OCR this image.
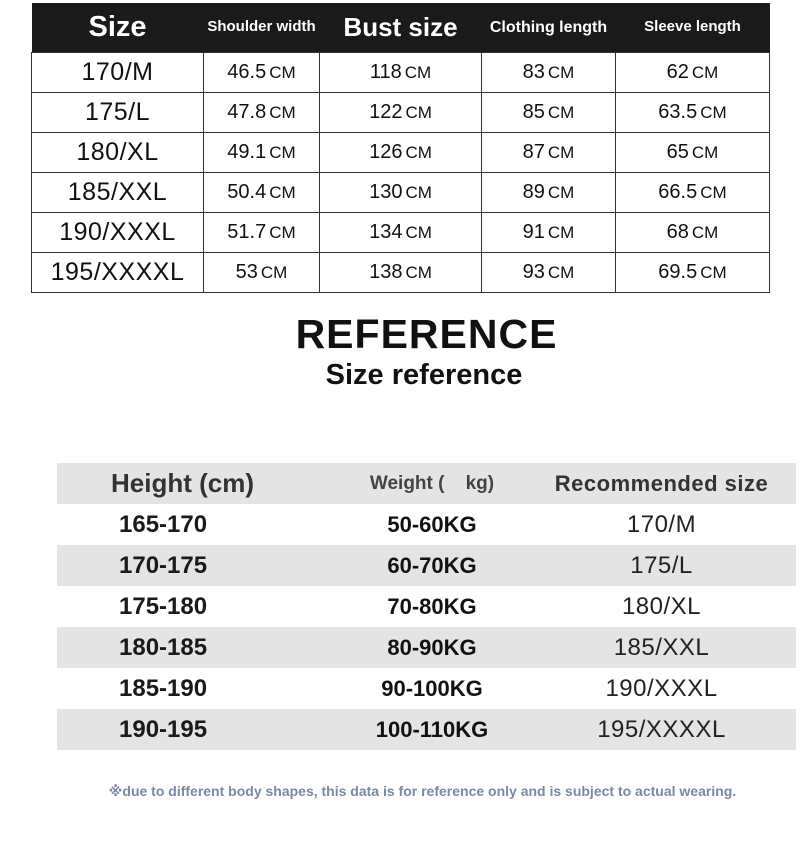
Size	Shoulder width	Bust size	Clothing length	Sleeve length
170/M	46.5 CM	118 CM	83 CM	62 CM
175/L	47.8 CM	122 CM	85 CM	63.5 CM
180/XL	49.1 CM	126 CM	87 CM	65 CM
185/XXL	50.4 CM	130 CM	89 CM	66.5 CM
190/XXXL	51.7 CM	134 CM	91 CM	68 CM
195/XXXXL	53 CM	138 CM	93 CM	69.5 CM
REFERENCE
Size reference
Height (cm)	Weight (    kg)	Recommended size
165-170	50-60KG	170/M
170-175	60-70KG	175/L
175-180	70-80KG	180/XL
180-185	80-90KG	185/XXL
185-190	90-100KG	190/XXXL
190-195	100-110KG	195/XXXXL

※due to different body shapes, this data is for reference only and is subject to actual wearing.
